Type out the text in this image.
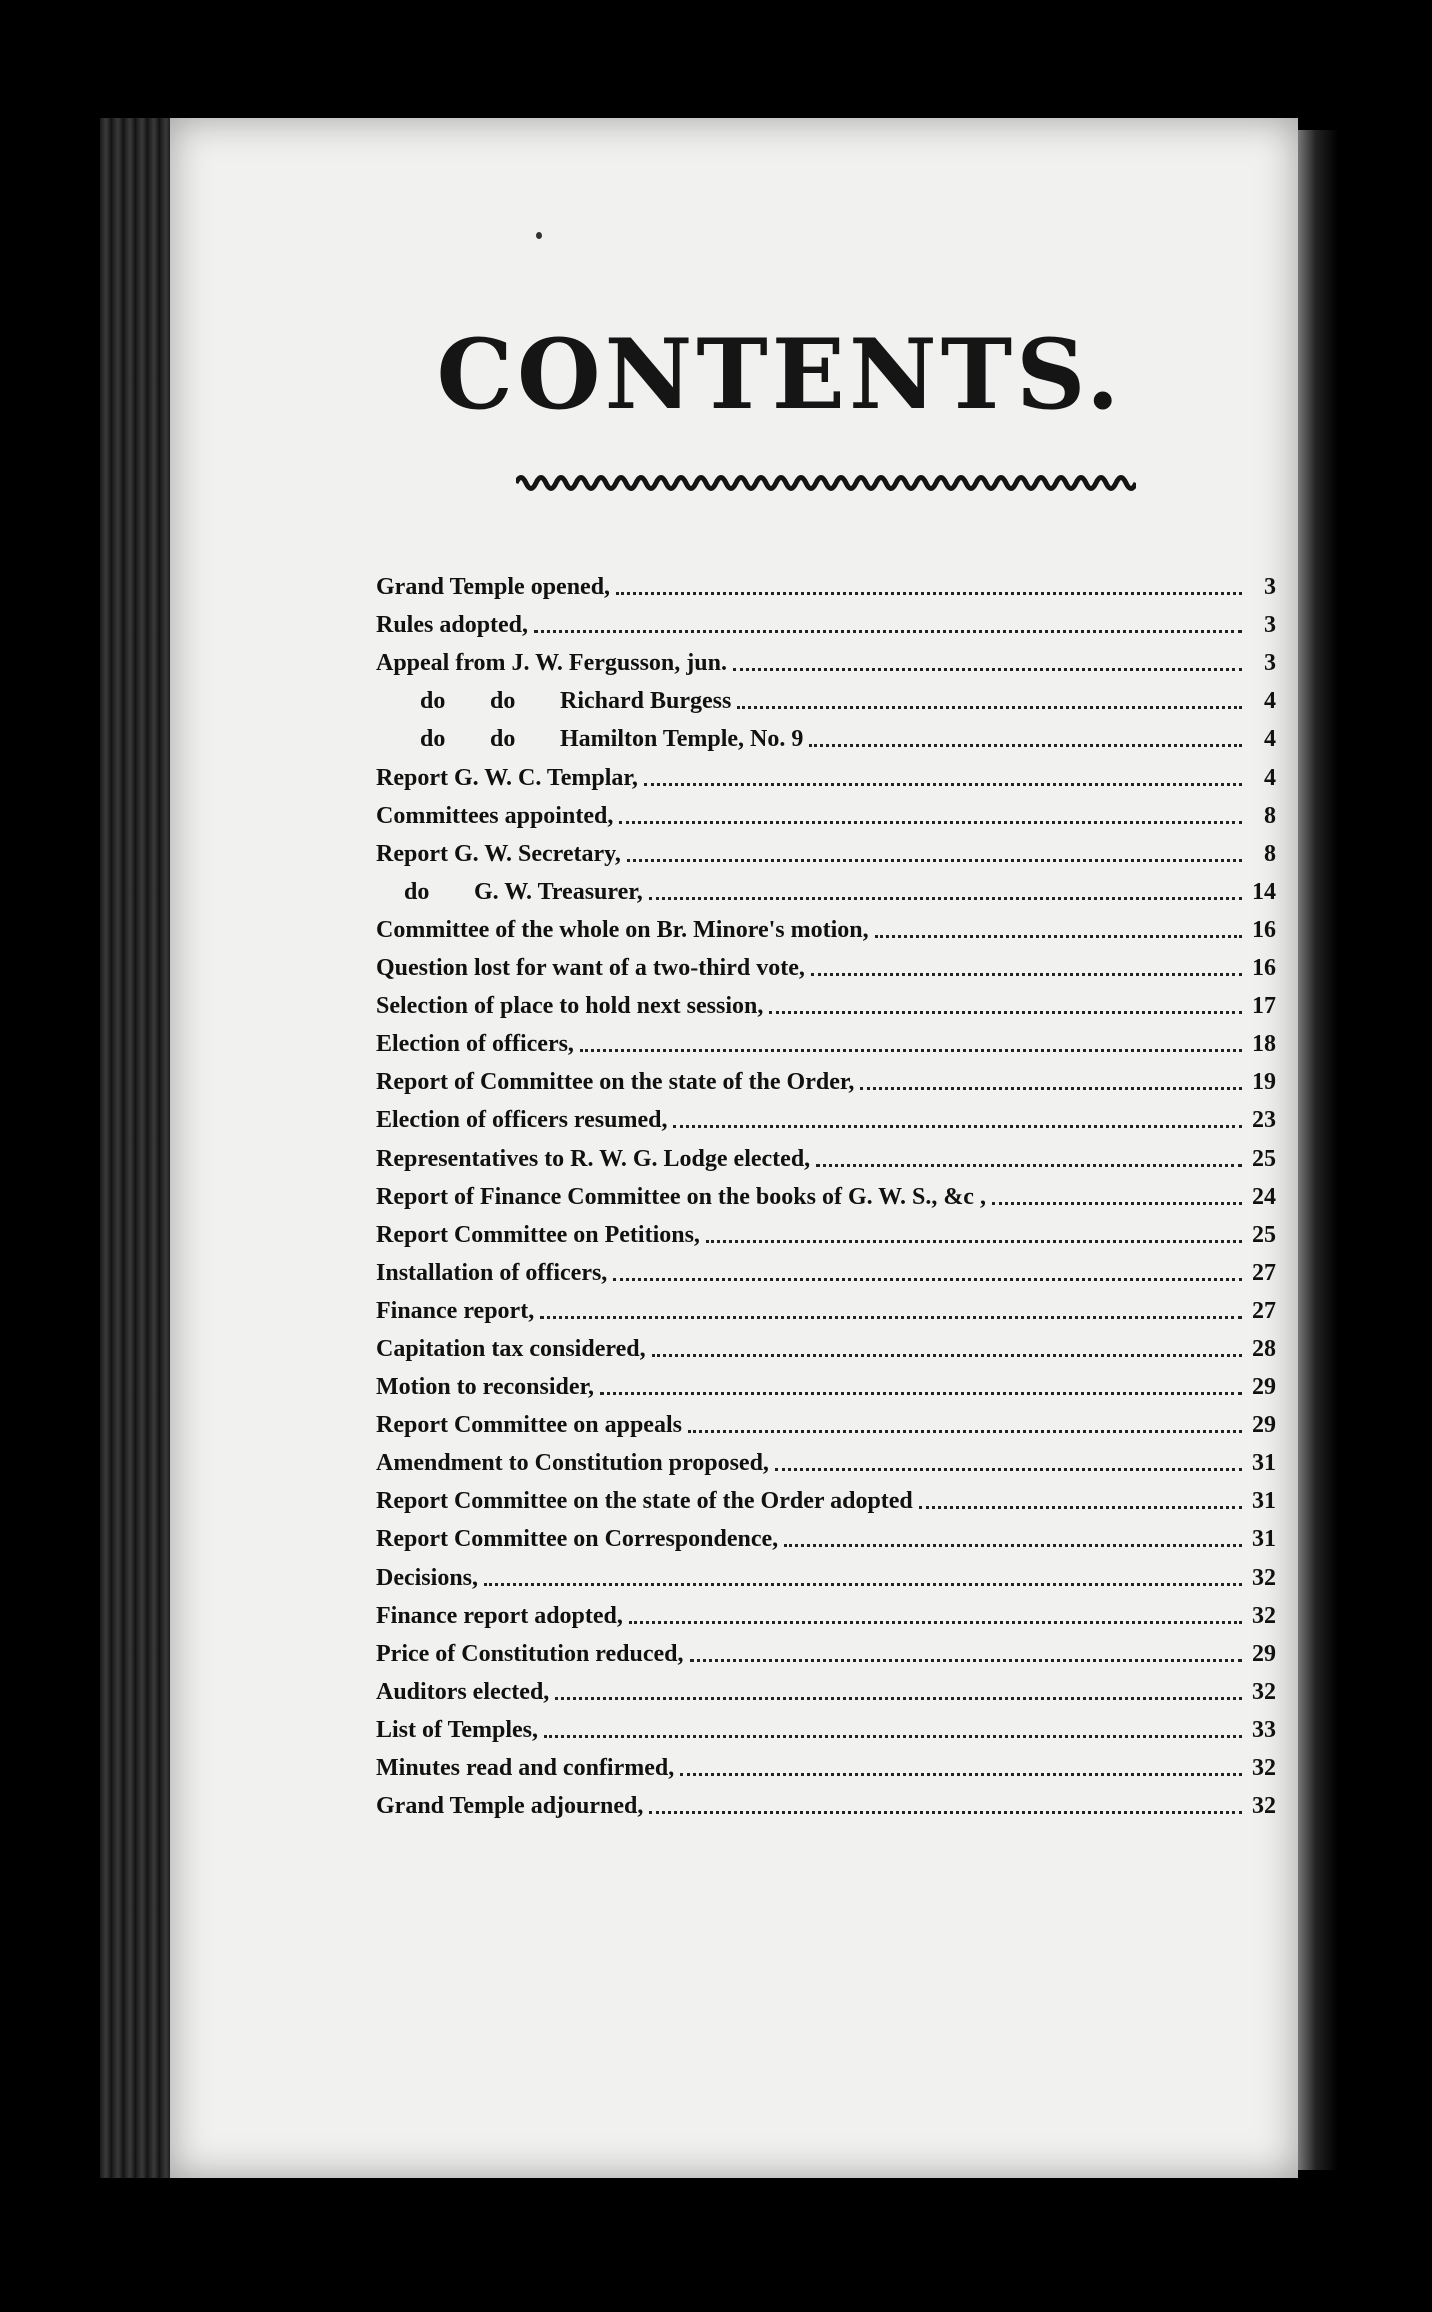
CONTENTS.
Grand Temple opened,	3
Rules adopted,	3
Appeal from J. W. Fergusson, jun.	3
do do Richard Burgess	4
do do Hamilton Temple, No. 9	4
Report G. W. C. Templar,	4
Committees appointed,	8
Report G. W. Secretary,	8
do G. W. Treasurer,	14
Committee of the whole on Br. Minore's motion,	16
Question lost for want of a two-third vote,	16
Selection of place to hold next session,	17
Election of officers,	18
Report of Committee on the state of the Order,	19
Election of officers resumed,	23
Representatives to R. W. G. Lodge elected,	25
Report of Finance Committee on the books of G. W. S., &c ,	24
Report Committee on Petitions,	25
Installation of officers,	27
Finance report,	27
Capitation tax considered,	28
Motion to reconsider,	29
Report Committee on appeals	29
Amendment to Constitution proposed,	31
Report Committee on the state of the Order adopted	31
Report Committee on Correspondence,	31
Decisions,	32
Finance report adopted,	32
Price of Constitution reduced,	29
Auditors elected,	32
List of Temples,	33
Minutes read and confirmed,	32
Grand Temple adjourned,	32
